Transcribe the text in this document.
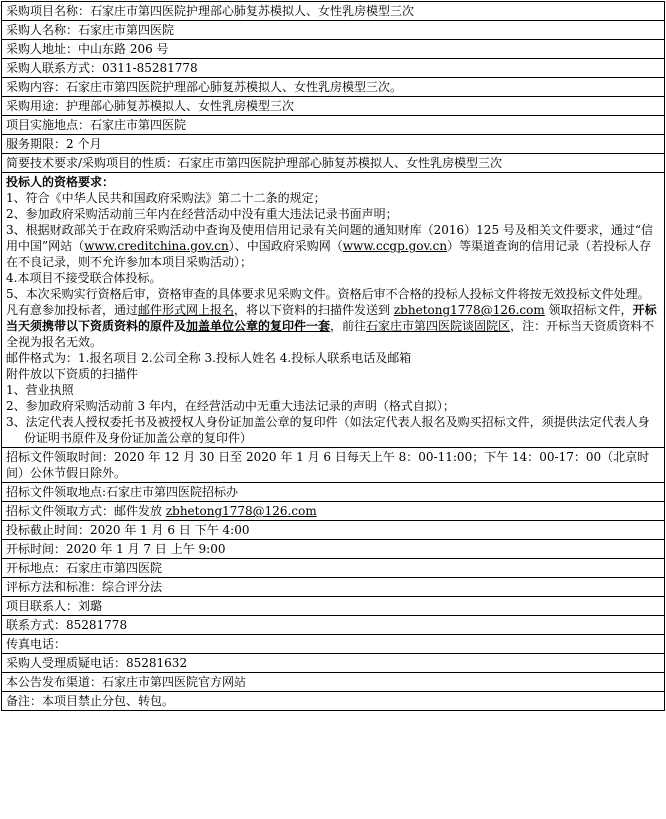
采购项目名称：石家庄市第四医院护理部心肺复苏模拟人、女性乳房模型三次
采购人名称：石家庄市第四医院
采购人地址：中山东路 206 号
采购人联系方式：0311-85281778
采购内容：石家庄市第四医院护理部心肺复苏模拟人、女性乳房模型三次。
采购用途：护理部心肺复苏模拟人、女性乳房模型三次
项目实施地点：石家庄市第四医院
服务期限：2 个月
简要技术要求/采购项目的性质：石家庄市第四医院护理部心肺复苏模拟人、女性乳房模型三次

投标人的资格要求：
1、符合《中华人民共和国政府采购法》第二十二条的规定；
2、参加政府采购活动前三年内在经营活动中没有重大违法记录书面声明；
3、根据财政部关于在政府采购活动中查询及使用信用记录有关问题的通知财库（2016）125 号及相关文件要求，通过“信用中国”网站（www.creditchina.gov.cn）、中国政府采购网（www.ccgp.gov.cn）等渠道查询的信用记录（若投标人存在不良记录，则不允许参加本项目采购活动）；
4.本项目不接受联合体投标。
5、本次采购实行资格后审，资格审查的具体要求见采购文件。资格后审不合格的投标人投标文件将按无效投标文件处理。
凡有意参加投标者，通过邮件形式网上报名，将以下资料的扫描件发送到 zbhetong1778@126.com 领取招标文件，开标当天须携带以下资质资料的原件及加盖单位公章的复印件一套，前往石家庄市第四医院谈固院区，注：开标当天资质资料不全视为报名无效。
邮件格式为：1.报名项目 2.公司全称 3.投标人姓名 4.投标人联系电话及邮箱
附件放以下资质的扫描件
1、营业执照
2、参加政府采购活动前 3 年内，在经营活动中无重大违法记录的声明（格式自拟）；
3、法定代表人授权委托书及被授权人身份证加盖公章的复印件（如法定代表人报名及购买招标文件，须提供法定代表人身份证明书原件及身份证加盖公章的复印件）

招标文件领取时间：2020 年 12 月 30 日至 2020 年 1 月 6 日每天上午 8：00-11:00；下午 14：00-17：00（北京时间）公休节假日除外。
招标文件领取地点:石家庄市第四医院招标办
招标文件领取方式：邮件发放 zbhetong1778@126.com
投标截止时间：2020 年 1 月 6 日 下午 4:00
开标时间：2020 年 1 月 7 日 上午 9:00
开标地点：石家庄市第四医院
评标方法和标准：综合评分法
项目联系人：刘璐
联系方式：85281778
传真电话：
采购人受理质疑电话：85281632
本公告发布渠道：石家庄市第四医院官方网站
备注：本项目禁止分包、转包。
